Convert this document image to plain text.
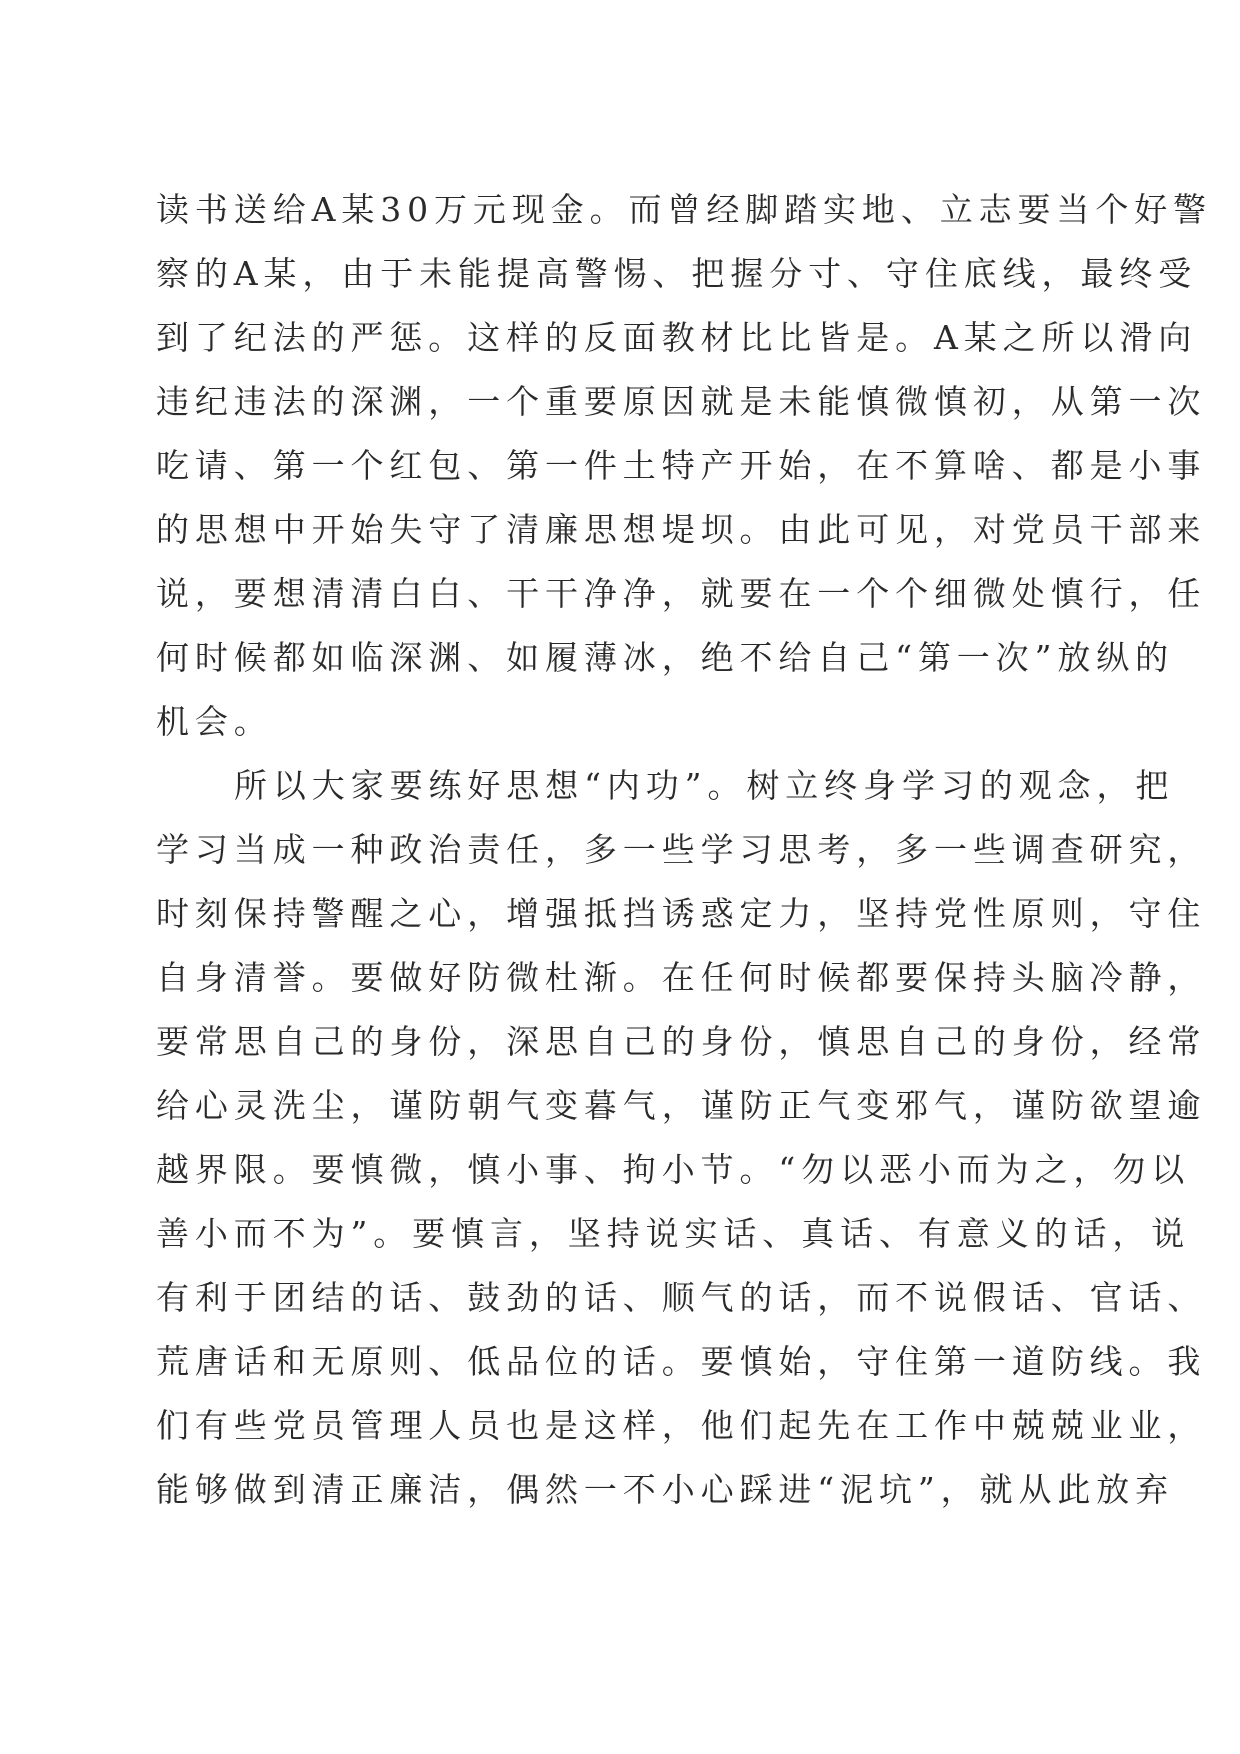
读书送给A某30万元现金。而曾经脚踏实地、立志要当个好警
察的A某，由于未能提高警惕、把握分寸、守住底线，最终受
到了纪法的严惩。这样的反面教材比比皆是。A某之所以滑向
违纪违法的深渊，一个重要原因就是未能慎微慎初，从第一次
吃请、第一个红包、第一件土特产开始，在不算啥、都是小事
的思想中开始失守了清廉思想堤坝。由此可见，对党员干部来
说，要想清清白白、干干净净，就要在一个个细微处慎行，任
何时候都如临深渊、如履薄冰，绝不给自己“第一次”放纵的
机会。
所以大家要练好思想“内功”。树立终身学习的观念，把
学习当成一种政治责任，多一些学习思考，多一些调查研究，
时刻保持警醒之心，增强抵挡诱惑定力，坚持党性原则，守住
自身清誉。要做好防微杜渐。在任何时候都要保持头脑冷静，
要常思自己的身份，深思自己的身份，慎思自己的身份，经常
给心灵洗尘，谨防朝气变暮气，谨防正气变邪气，谨防欲望逾
越界限。要慎微，慎小事、拘小节。“勿以恶小而为之，勿以
善小而不为”。要慎言，坚持说实话、真话、有意义的话，说
有利于团结的话、鼓劲的话、顺气的话，而不说假话、官话、
荒唐话和无原则、低品位的话。要慎始，守住第一道防线。我
们有些党员管理人员也是这样，他们起先在工作中兢兢业业，
能够做到清正廉洁，偶然一不小心踩进“泥坑”，就从此放弃
